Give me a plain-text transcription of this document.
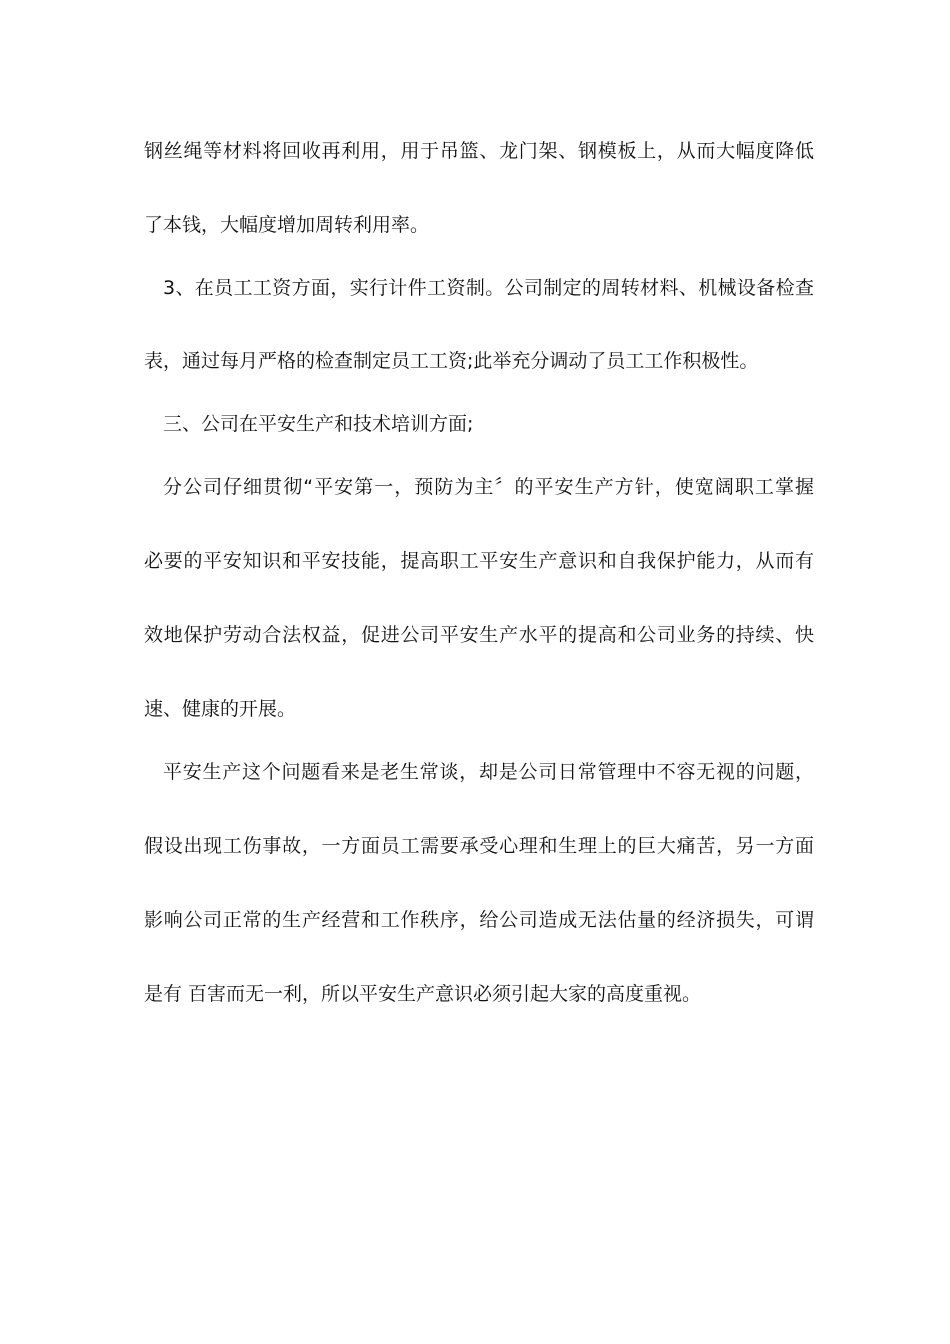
钢丝绳等材料将回收再利用，用于吊篮、龙门架、钢模板上，从而大幅度降低
了本钱，大幅度增加周转利用率。
3、在员工工资方面，实行计件工资制。公司制定的周转材料、机械设备检查
表，通过每月严格的检查制定员工工资;此举充分调动了员工工作积极性。
三、公司在平安生产和技术培训方面;
分公司仔细贯彻“平安第一，预防为主〞的平安生产方针，使宽阔职工掌握
必要的平安知识和平安技能，提高职工平安生产意识和自我保护能力，从而有
效地保护劳动合法权益，促进公司平安生产水平的提高和公司业务的持续、快
速、健康的开展。
平安生产这个问题看来是老生常谈，却是公司日常管理中不容无视的问题，
假设出现工伤事故，一方面员工需要承受心理和生理上的巨大痛苦，另一方面
影响公司正常的生产经营和工作秩序，给公司造成无法估量的经济损失，可谓
是有 百害而无一利，所以平安生产意识必须引起大家的高度重视。
